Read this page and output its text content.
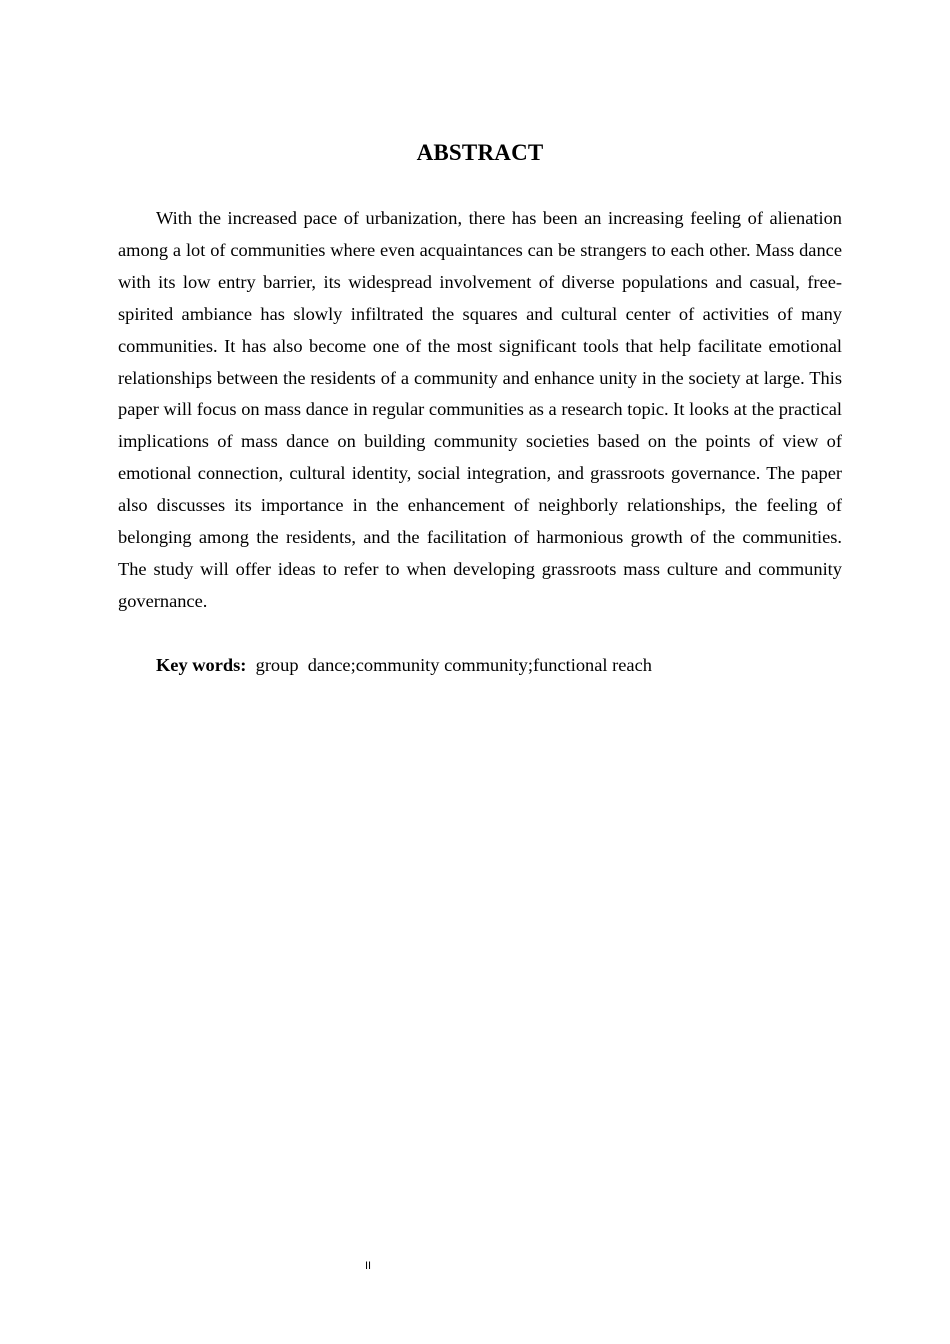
ABSTRACT

With the increased pace of urbanization, there has been an increasing feeling of alienation among a lot of communities where even acquaintances can be strangers to each other. Mass dance with its low entry barrier, its widespread involvement of diverse populations and casual, free-spirited ambiance has slowly infiltrated the squares and cultural center of activities of many communities. It has also become one of the most significant tools that help facilitate emotional relationships between the residents of a community and enhance unity in the society at large. This paper will focus on mass dance in regular communities as a research topic. It looks at the practical implications of mass dance on building community societies based on the points of view of emotional connection, cultural identity, social integration, and grassroots governance. The paper also discusses its importance in the enhancement of neighborly relationships, the feeling of belonging among the residents, and the facilitation of harmonious growth of the communities. The study will offer ideas to refer to when developing grassroots mass culture and community governance.

Key words:  group  dance;community community;functional reach
II
